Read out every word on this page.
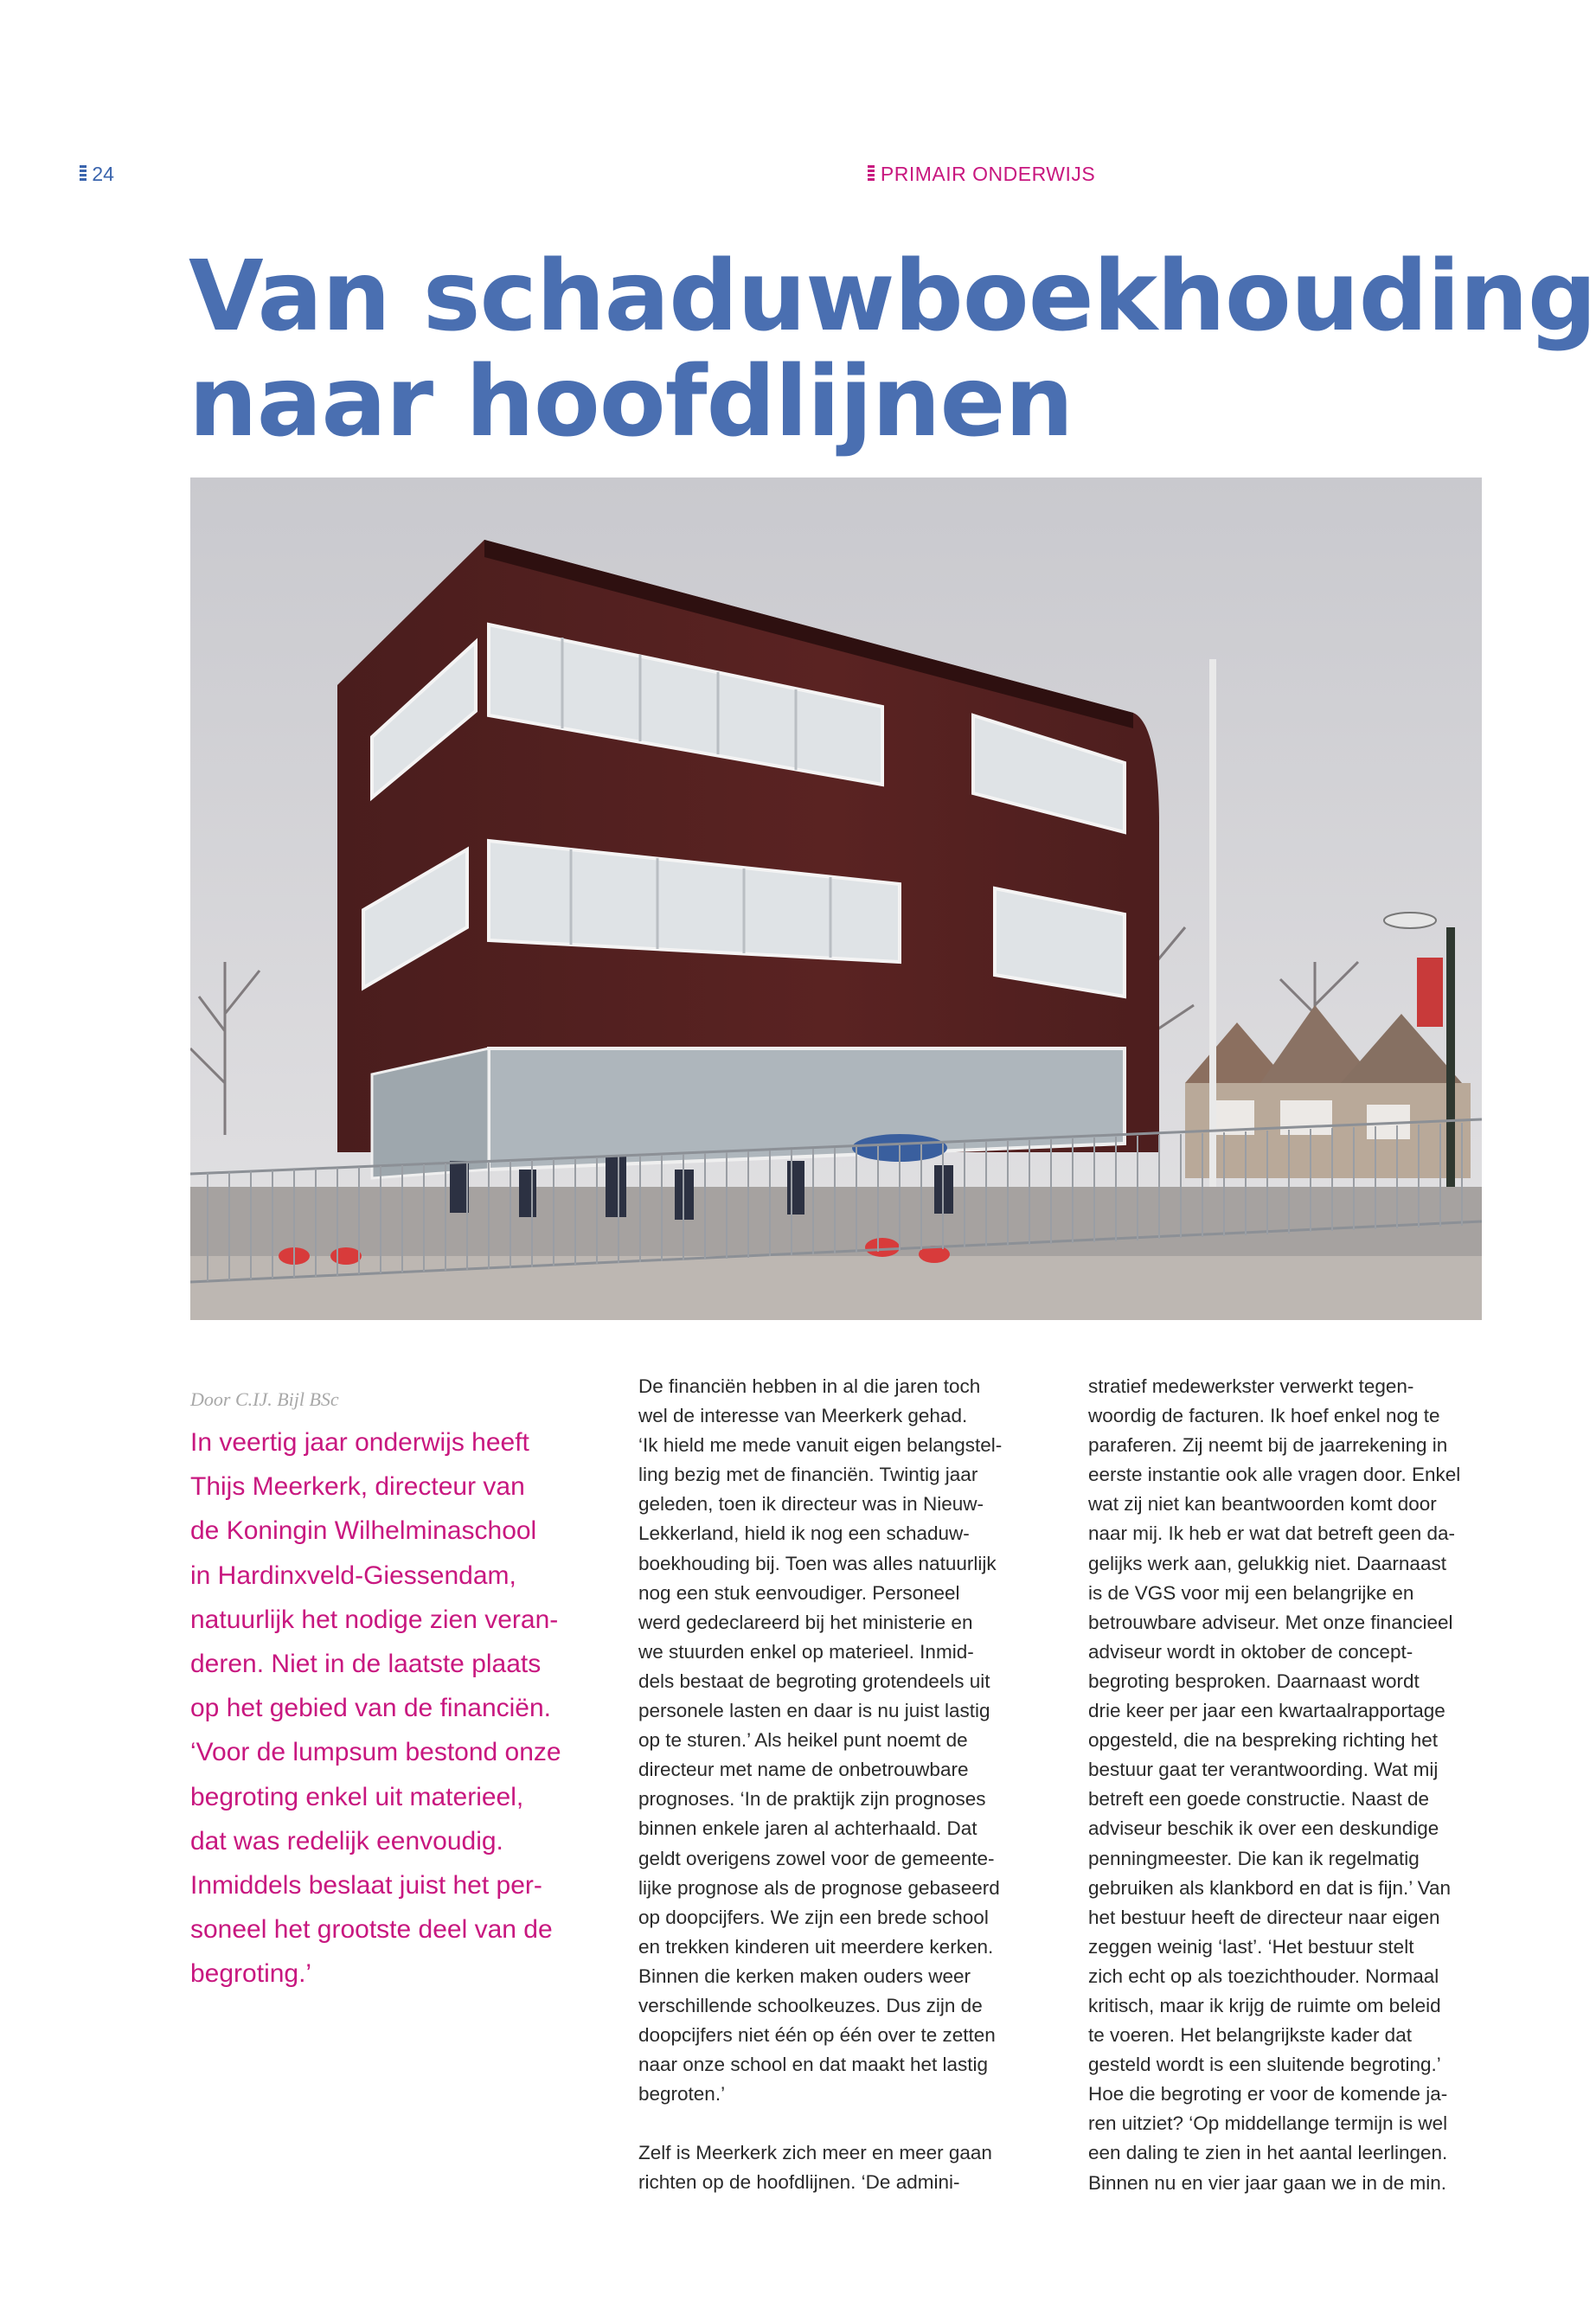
24	PRIMAIR ONDERWIJS
Van schaduwboekhouding
naar hoofdlijnen
Door C.IJ. Bijl BSc

In veertig jaar onderwijs heeft
Thijs Meerkerk, directeur van
de Koningin Wilhelminaschool
in Hardinxveld-Giessendam,
natuurlijk het nodige zien veran-
deren. Niet in de laatste plaats
op het gebied van de financiën.
‘Voor de lumpsum bestond onze
begroting enkel uit materieel,
dat was redelijk eenvoudig.
Inmiddels beslaat juist het per-
soneel het grootste deel van de
begroting.’

De financiën hebben in al die jaren toch
wel de interesse van Meerkerk gehad.
‘Ik hield me mede vanuit eigen belangstel-
ling bezig met de financiën. Twintig jaar
geleden, toen ik directeur was in Nieuw-
Lekkerland, hield ik nog een schaduw-
boekhouding bij. Toen was alles natuurlijk
nog een stuk eenvoudiger. Personeel
werd gedeclareerd bij het ministerie en
we stuurden enkel op materieel. Inmid-
dels bestaat de begroting grotendeels uit
personele lasten en daar is nu juist lastig
op te sturen.’ Als heikel punt noemt de
directeur met name de onbetrouwbare
prognoses. ‘In de praktijk zijn prognoses
binnen enkele jaren al achterhaald. Dat
geldt overigens zowel voor de gemeente-
lijke prognose als de prognose gebaseerd
op doopcijfers. We zijn een brede school
en trekken kinderen uit meerdere kerken.
Binnen die kerken maken ouders weer
verschillende schoolkeuzes. Dus zijn de
doopcijfers niet één op één over te zetten
naar onze school en dat maakt het lastig
begroten.’

Zelf is Meerkerk zich meer en meer gaan
richten op de hoofdlijnen. ‘De admini-

stratief medewerkster verwerkt tegen-
woordig de facturen. Ik hoef enkel nog te
paraferen. Zij neemt bij de jaarrekening in
eerste instantie ook alle vragen door. Enkel
wat zij niet kan beantwoorden komt door
naar mij. Ik heb er wat dat betreft geen da-
gelijks werk aan, gelukkig niet. Daarnaast
is de VGS voor mij een belangrijke en
betrouwbare adviseur. Met onze financieel
adviseur wordt in oktober de concept-
begroting besproken. Daarnaast wordt
drie keer per jaar een kwartaalrapportage
opgesteld, die na bespreking richting het
bestuur gaat ter verantwoording. Wat mij
betreft een goede constructie. Naast de
adviseur beschik ik over een deskundige
penningmeester. Die kan ik regelmatig
gebruiken als klankbord en dat is fijn.’ Van
het bestuur heeft de directeur naar eigen
zeggen weinig ‘last’. ‘Het bestuur stelt
zich echt op als toezichthouder. Normaal
kritisch, maar ik krijg de ruimte om beleid
te voeren. Het belangrijkste kader dat
gesteld wordt is een sluitende begroting.’
Hoe die begroting er voor de komende ja-
ren uitziet? ‘Op middellange termijn is wel
een daling te zien in het aantal leerlingen.
Binnen nu en vier jaar gaan we in de min.
